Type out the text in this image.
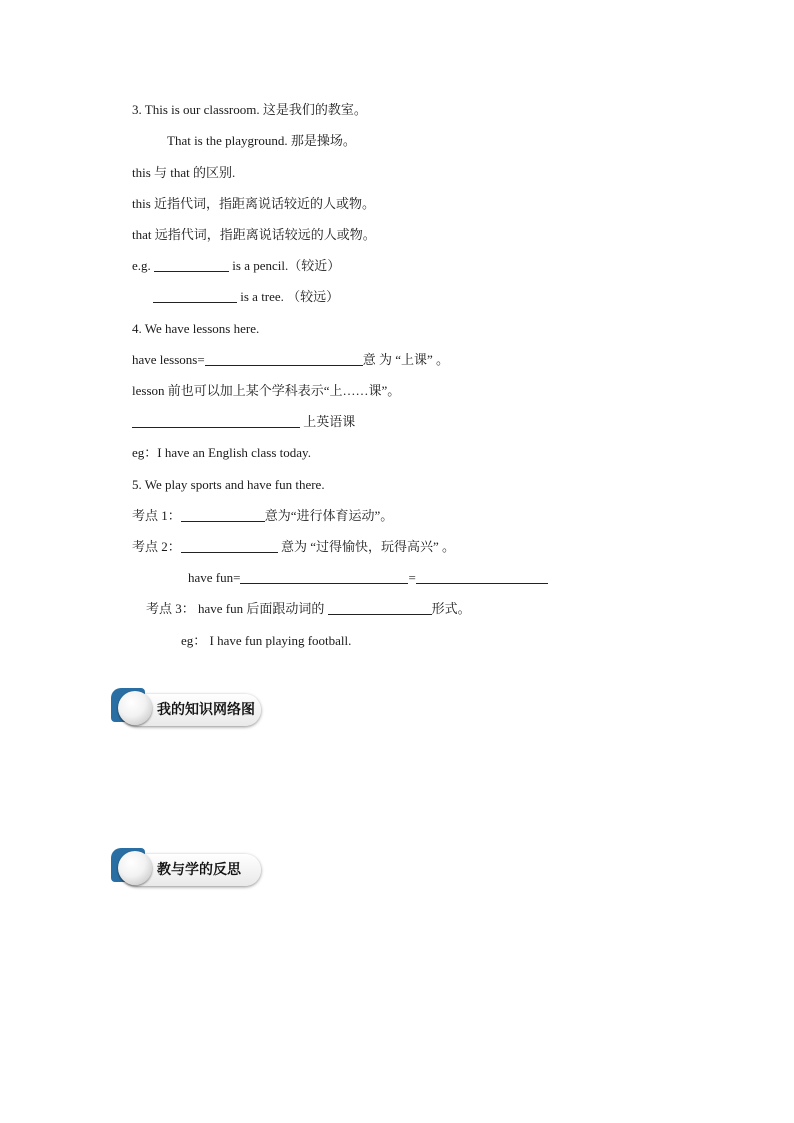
3. This is our classroom. 这是我们的教室。
That is the playground. 那是操场。
this 与 that 的区别.
this 近指代词，指距离说话较近的人或物。
that 远指代词，指距离说话较远的人或物。
e.g.	is a pencil.（较近）
is a tree. （较远）
4. We have lessons here.
have lessons=	意 为 “上课” 。
lesson 前也可以加上某个学科表示“上……课”。
上英语课
eg：I have an English class today.
5. We play sports and have fun there.
考点 1：	意为“进行体育运动”。
考点 2：	意为 “过得愉快，玩得高兴” 。
have fun=	=
考点 3： have fun 后面跟动词的	形式。
eg： I have fun playing football.
我的知识网络图
教与学的反思
